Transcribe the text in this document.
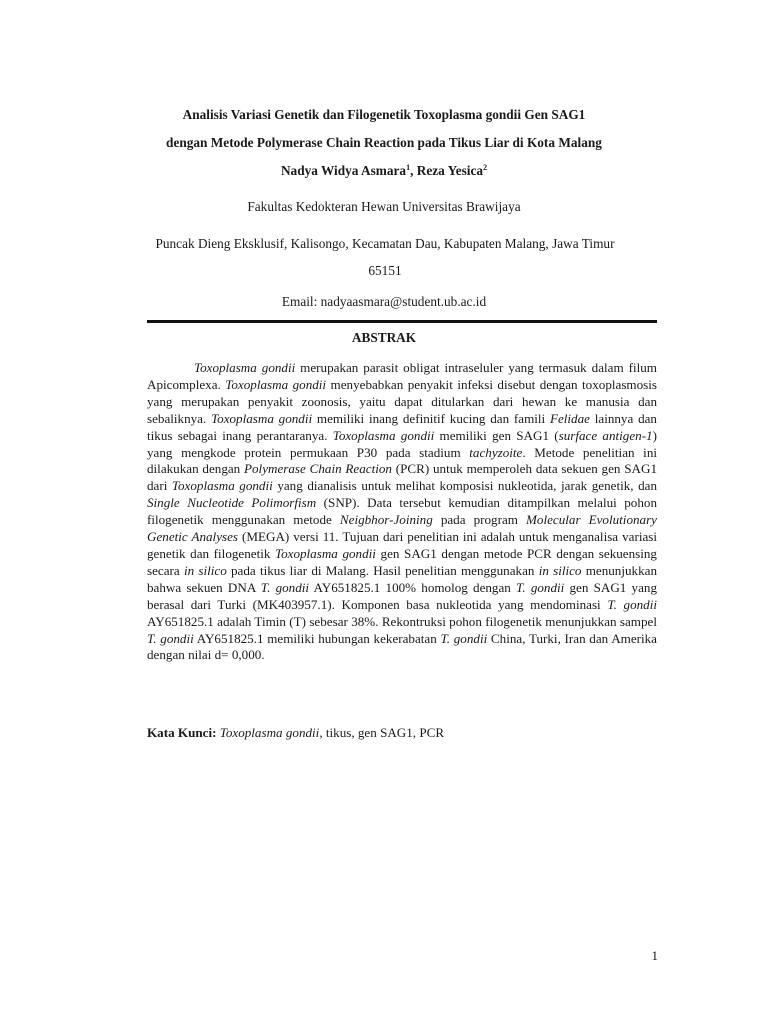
Analisis Variasi Genetik dan Filogenetik Toxoplasma gondii Gen SAG1
dengan Metode Polymerase Chain Reaction pada Tikus Liar di Kota Malang
Nadya Widya Asmara$^1$, Reza Yesica$^2$
Fakultas Kedokteran Hewan Universitas Brawijaya
Puncak Dieng Eksklusif, Kalisongo, Kecamatan Dau, Kabupaten Malang, Jawa Timur 65151
Email: nadyaasmara@student.ub.ac.id
ABSTRAK

Toxoplasma gondii merupakan parasit obligat intraseluler yang termasuk dalam filum Apicomplexa. Toxoplasma gondii menyebabkan penyakit infeksi disebut dengan toxoplasmosis yang merupakan penyakit zoonosis, yaitu dapat ditularkan dari hewan ke manusia dan sebaliknya. Toxoplasma gondii memiliki inang definitif kucing dan famili Felidae lainnya dan tikus sebagai inang perantaranya. Toxoplasma gondii memiliki gen SAG1 (surface antigen-1) yang mengkode protein permukaan P30 pada stadium tachyzoite. Metode penelitian ini dilakukan dengan Polymerase Chain Reaction (PCR) untuk memperoleh data sekuen gen SAG1 dari Toxoplasma gondii yang dianalisis untuk melihat komposisi nukleotida, jarak genetik, dan Single Nucleotide Polimorfism (SNP). Data tersebut kemudian ditampilkan melalui pohon filogenetik menggunakan metode Neigbhor-Joining pada program Molecular Evolutionary Genetic Analyses (MEGA) versi 11. Tujuan dari penelitian ini adalah untuk menganalisa variasi genetik dan filogenetik Toxoplasma gondii gen SAG1 dengan metode PCR dengan sekuensing secara in silico pada tikus liar di Malang. Hasil penelitian menggunakan in silico menunjukkan bahwa sekuen DNA T. gondii AY651825.1 100% homolog dengan T. gondii gen SAG1 yang berasal dari Turki (MK403957.1). Komponen basa nukleotida yang mendominasi T. gondii AY651825.1 adalah Timin (T) sebesar 38%. Rekontruksi pohon filogenetik menunjukkan sampel T. gondii AY651825.1 memiliki hubungan kekerabatan T. gondii China, Turki, Iran dan Amerika dengan nilai d= 0,000.

Kata Kunci: Toxoplasma gondii, tikus, gen SAG1, PCR
1
